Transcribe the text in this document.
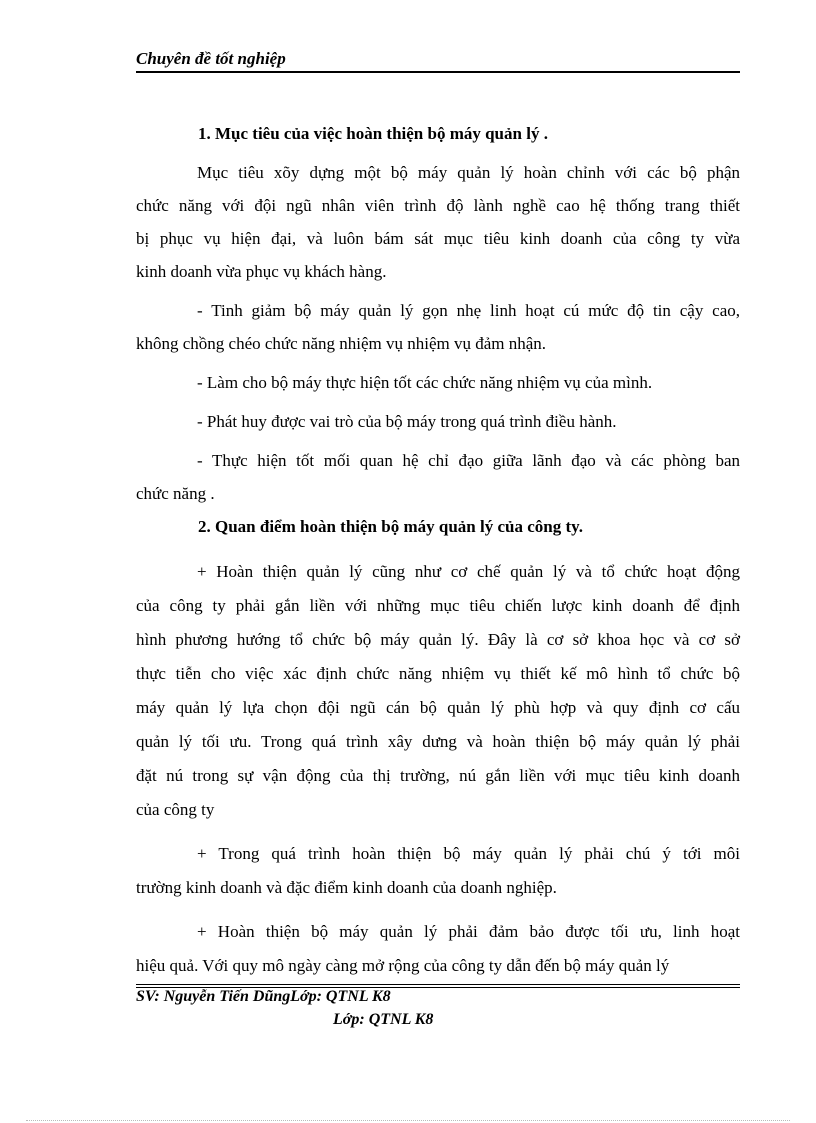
Chuyên đề tốt nghiệp
1. Mục tiêu của việc hoàn thiện bộ máy quản lý .
Mục tiêu xõy dựng một bộ máy quản lý hoàn chỉnh với các bộ phận
chức năng với đội ngũ nhân viên trình độ lành nghề cao hệ thống trang thiết
bị phục vụ hiện đại, và luôn bám sát mục tiêu kinh doanh của công ty vừa
kinh doanh vừa phục vụ khách hàng.
- Tinh giảm bộ máy quản lý gọn nhẹ linh hoạt cú mức độ tin cậy cao,
không chồng chéo chức năng nhiệm vụ nhiệm vụ đảm nhận.
- Làm cho bộ máy thực hiện tốt các chức năng nhiệm vụ của mình.
- Phát huy được vai trò của bộ máy trong quá trình điều hành.
- Thực hiện tốt mối quan hệ chỉ đạo giữa lãnh đạo và các phòng ban
chức năng .
2. Quan điểm hoàn thiện bộ máy quản lý của công ty.
+ Hoàn thiện quản lý cũng như cơ chế quản lý và tổ chức hoạt động
của công ty phải gắn liền với những mục tiêu chiến lược kinh doanh để định
hình phương hướng tổ chức bộ máy quản lý. Đây là cơ sở khoa học và cơ sở
thực tiễn cho việc xác định chức năng nhiệm vụ thiết kế mô hình tổ chức bộ
máy quản lý lựa chọn đội ngũ cán bộ quản lý phù hợp và quy định cơ cấu
quản lý tối ưu. Trong quá trình xây dưng và hoàn thiện bộ máy quản lý phải
đặt nú trong sự vận động của thị trường, nú gắn liền với mục tiêu kinh doanh
của công ty
+ Trong quá trình hoàn thiện bộ máy quản lý phải chú ý tới môi
trường kinh doanh và đặc điểm kinh doanh của doanh nghiệp.
+ Hoàn thiện bộ máy quản lý phải đảm bảo được tối ưu, linh hoạt
hiệu quả. Với quy mô ngày càng mở rộng của công ty dẫn đến bộ máy quản lý
SV: Nguyễn Tiến DũngLớp: QTNL K8
Lớp: QTNL K8
